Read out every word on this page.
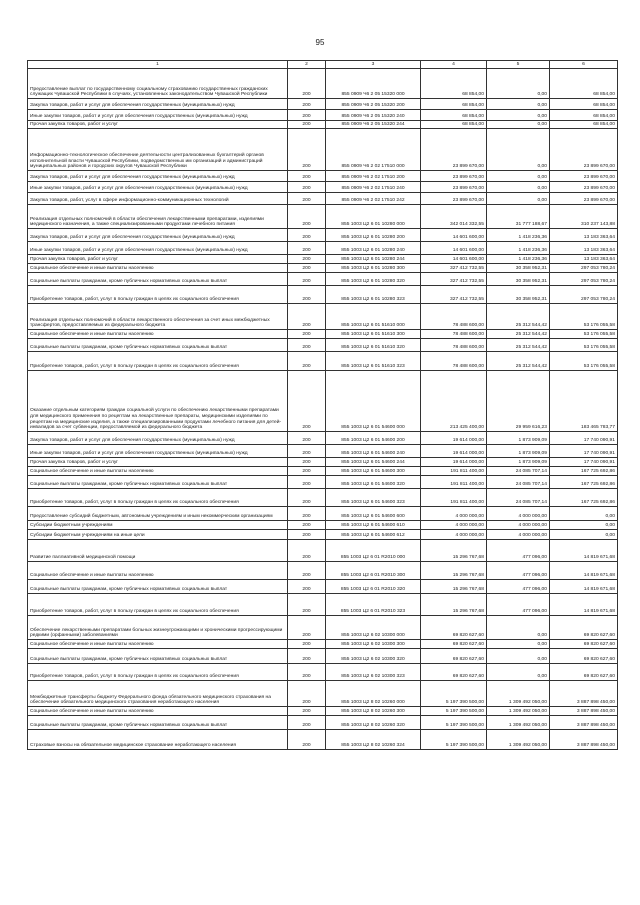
95
1	2	3	4	5	6
Предоставление выплат по государственному социальному страхованию государственных гражданских служащих Чувашской Республики в случаях, установленных законодательством Чувашской Республики	200	855 0909 Ч6 2 05 15320 000	68 854,00	0,00	68 854,00
Закупка товаров, работ и услуг для обеспечения государственных (муниципальных) нужд	200	855 0909 Ч6 2 05 15320 200	68 854,00	0,00	68 854,00
Иные закупки товаров, работ и услуг для обеспечения государственных (муниципальных) нужд	200	855 0909 Ч6 2 05 15320 240	68 854,00	0,00	68 854,00
Прочая закупка товаров, работ и услуг	200	855 0909 Ч6 2 05 15320 244	68 854,00	0,00	68 854,00
Информационно-технологическое обеспечение деятельности централизованных бухгалтерий органов исполнительной власти Чувашской Республики, подведомственных им организаций и администраций муниципальных районов и городских округов Чувашской Республики	200	855 0909 Ч6 2 02 17510 000	23 899 670,00	0,00	23 899 670,00
Закупка товаров, работ и услуг для обеспечения государственных (муниципальных) нужд	200	855 0909 Ч6 2 02 17510 200	23 899 670,00	0,00	23 899 670,00
Иные закупки товаров, работ и услуг для обеспечения государственных (муниципальных) нужд	200	855 0909 Ч6 2 02 17510 240	23 899 670,00	0,00	23 899 670,00
Закупка товаров, работ, услуг в сфере информационно-коммуникационных технологий	200	855 0909 Ч6 2 02 17510 242	23 899 670,00	0,00	23 899 670,00
Реализация отдельных полномочий в области обеспечения лекарственными препаратами, изделиями медицинского назначения, а также специализированными продуктами лечебного питания	200	855 1003 Ц2 6 01 10280 000	342 014 332,55	31 777 188,67	310 237 143,88
Закупка товаров, работ и услуг для обеспечения государственных (муниципальных) нужд	200	855 1003 Ц2 6 01 10280 200	14 601 600,00	1 418 236,36	13 183 363,64
Иные закупки товаров, работ и услуг для обеспечения государственных (муниципальных) нужд	200	855 1003 Ц2 6 01 10280 240	14 601 600,00	1 418 236,36	13 183 363,64
Прочая закупка товаров, работ и услуг	200	855 1003 Ц2 6 01 10280 244	14 601 600,00	1 418 236,36	13 183 363,64
Социальное обеспечение и иные выплаты населению	200	855 1003 Ц2 6 01 10280 300	327 412 732,55	30 358 952,31	297 053 780,24
Социальные выплаты гражданам, кроме публичных нормативных социальных выплат	200	855 1003 Ц2 6 01 10280 320	327 412 732,55	30 358 952,31	297 053 780,24
Приобретение товаров, работ, услуг в пользу граждан в целях их социального обеспечения	200	855 1003 Ц2 6 01 10280 323	327 412 732,55	30 358 952,31	297 053 780,24
Реализация отдельных полномочий в области лекарственного обеспечения за счет иных межбюджетных трансфертов, предоставляемых из федерального бюджета	200	855 1003 Ц2 6 01 51610 000	78 488 600,00	25 312 544,42	53 176 055,58
Социальное обеспечение и иные выплаты населению	200	855 1003 Ц2 6 01 51610 300	78 488 600,00	25 312 544,42	53 176 055,58
Социальные выплаты гражданам, кроме публичных нормативных социальных выплат	200	855 1003 Ц2 6 01 51610 320	78 488 600,00	25 312 544,42	53 176 055,58
Приобретение товаров, работ, услуг в пользу граждан в целях их социального обеспечения	200	855 1003 Ц2 6 01 51610 323	78 488 600,00	25 312 544,42	53 176 055,58
Оказание отдельным категориям граждан социальной услуги по обеспечению лекарственными препаратами для медицинского применения по рецептам на лекарственные препараты, медицинскими изделиями по рецептам на медицинские изделия, а также специализированными продуктами лечебного питания для детей-инвалидов за счет субвенции, предоставляемой из федерального бюджета	200	855 1003 Ц2 6 01 54600 000	213 425 400,00	29 959 616,23	183 465 783,77
Закупка товаров, работ и услуг для обеспечения государственных (муниципальных) нужд	200	855 1003 Ц2 6 01 54600 200	19 614 000,00	1 873 909,09	17 740 090,91
Иные закупки товаров, работ и услуг для обеспечения государственных (муниципальных) нужд	200	855 1003 Ц2 6 01 54600 240	19 614 000,00	1 873 909,09	17 740 090,91
Прочая закупка товаров, работ и услуг	200	855 1003 Ц2 6 01 54600 244	19 614 000,00	1 873 909,09	17 740 090,91
Социальное обеспечение и иные выплаты населению	200	855 1003 Ц2 6 01 54600 300	191 811 400,00	24 085 707,14	167 725 692,86
Социальные выплаты гражданам, кроме публичных нормативных социальных выплат	200	855 1003 Ц2 6 01 54600 320	191 811 400,00	24 085 707,14	167 725 692,86
Приобретение товаров, работ, услуг в пользу граждан в целях их социального обеспечения	200	855 1003 Ц2 6 01 54600 323	191 811 400,00	24 085 707,14	167 725 692,86
Предоставление субсидий бюджетным, автономным учреждениям и иным некоммерческим организациям	200	855 1003 Ц2 6 01 54600 600	4 000 000,00	4 000 000,00	0,00
Субсидии бюджетным учреждениям	200	855 1003 Ц2 6 01 54600 610	4 000 000,00	4 000 000,00	0,00
Субсидии бюджетным учреждениям на иные цели	200	855 1003 Ц2 6 01 54600 612	4 000 000,00	4 000 000,00	0,00
Развитие паллиативной медицинской помощи	200	855 1003 Ц2 6 01 R2010 000	15 296 767,68	477 096,00	14 819 671,68
Социальное обеспечение и иные выплаты населению	200	855 1003 Ц2 6 01 R2010 300	15 296 767,68	477 096,00	14 819 671,68
Социальные выплаты гражданам, кроме публичных нормативных социальных выплат	200	855 1003 Ц2 6 01 R2010 320	15 296 767,68	477 096,00	14 819 671,68
Приобретение товаров, работ, услуг в пользу граждан в целях их социального обеспечения	200	855 1003 Ц2 6 01 R2010 323	15 296 767,68	477 096,00	14 819 671,68
Обеспечение лекарственными препаратами больных жизнеугрожающими и хроническими прогрессирующими редкими (орфанными) заболеваниями	200	855 1003 Ц2 6 02 10300 000	69 820 627,60	0,00	69 820 627,60
Социальное обеспечение и иные выплаты населению	200	855 1003 Ц2 6 02 10300 300	69 820 627,60	0,00	69 820 627,60
Социальные выплаты гражданам, кроме публичных нормативных социальных выплат	200	855 1003 Ц2 6 02 10300 320	69 820 627,60	0,00	69 820 627,60
Приобретение товаров, работ, услуг в пользу граждан в целях их социального обеспечения	200	855 1003 Ц2 6 02 10300 323	69 820 627,60	0,00	69 820 627,60
Межбюджетные трансферты бюджету Федерального фонда обязательного медицинского страхования на обеспечение обязательного медицинского страхования неработающего населения	200	855 1003 Ц2 8 02 10260 000	5 197 390 500,00	1 309 492 050,00	3 887 898 450,00
Социальное обеспечение и иные выплаты населению	200	855 1003 Ц2 8 02 10260 300	5 197 390 500,00	1 309 492 050,00	3 887 898 450,00
Социальные выплаты гражданам, кроме публичных нормативных социальных выплат	200	855 1003 Ц2 8 02 10260 320	5 197 390 500,00	1 309 492 050,00	3 887 898 450,00
Страховые взносы на обязательное медицинское страхование неработающего населения	200	855 1003 Ц2 8 02 10260 324	5 197 390 500,00	1 309 492 050,00	3 887 898 450,00
